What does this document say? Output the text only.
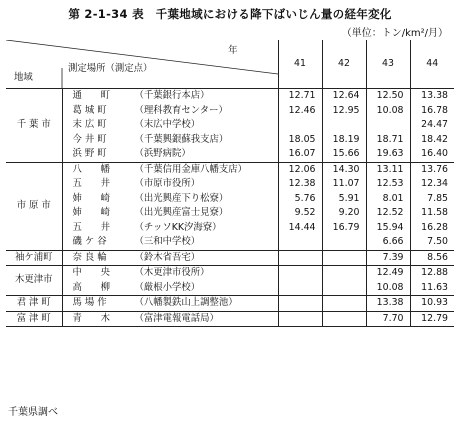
第 2-1-34 表　千葉地域における降下ばいじん量の経年変化
（単位：トン/km²/月）
年
地域
測定場所（測定点）		41	42	43	44
千 葉 市	通　　町 （千葉銀行本店）	12.71	12.64	12.50	13.38
	葛 城 町 （理科教育センター）	12.46	12.95	10.08	16.78
	末 広 町 （末広中学校）				24.47
	今 井 町 （千葉興銀蘇我支店）	18.05	18.19	18.71	18.42
	浜 野 町 （浜野病院）	16.07	15.66	19.63	16.40
市 原 市	八　　幡 （千葉信用金庫八幡支店）	12.06	14.30	13.11	13.76
	五　　井 （市原市役所）	12.38	11.07	12.53	12.34
	姉　　崎 （出光興産下り松寮）	5.76	5.91	8.01	7.85
	姉　　崎 （出光興産富士見寮）	9.52	9.20	12.52	11.58
	五　　井 （チッソKK汐海寮）	14.44	16.79	15.94	16.28
	磯 ケ 谷 （三和中学校）			6.66	7.50
袖ケ浦町	奈 良 輪 （鈴木省吾宅）			7.39	8.56
木更津市	中　　央 （木更津市役所）			12.49	12.88
	高　　柳 （厳根小学校）			10.08	11.63
君 津 町	馬 場 作 （八幡製鉄山上調整池）			13.38	10.93
富 津 町	青　　木 （富津電報電話局）			7.70	12.79
千葉県調べ
